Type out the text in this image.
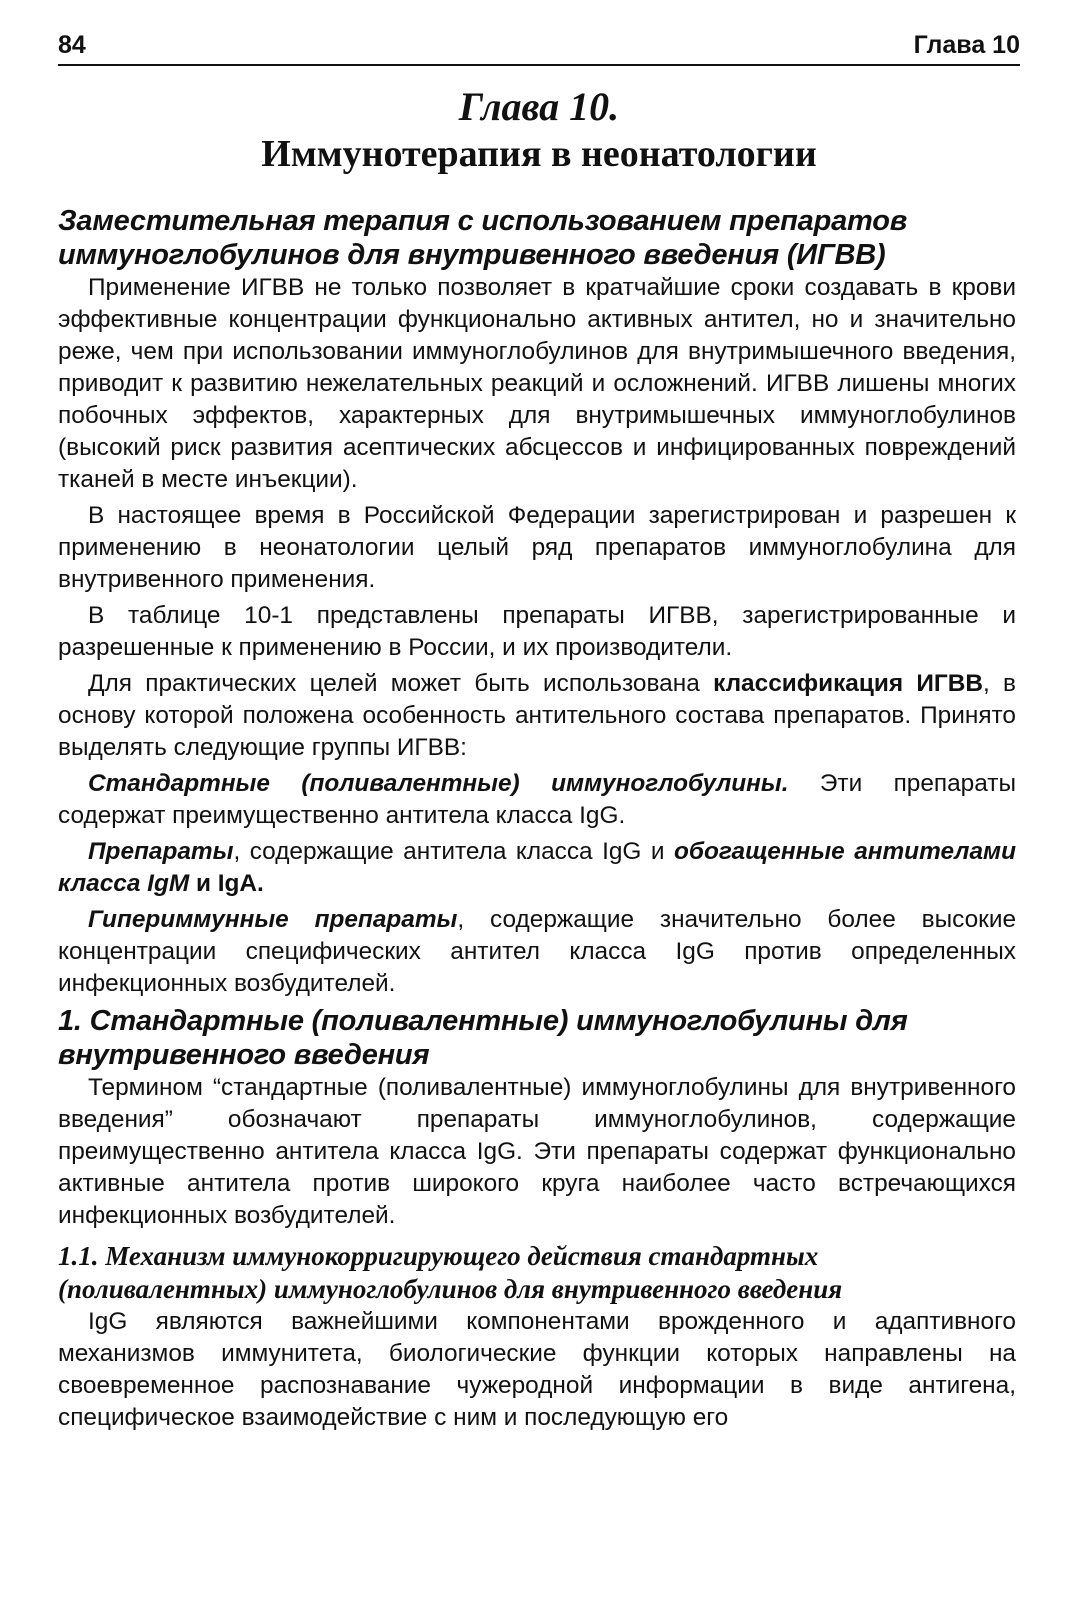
84	Глава 10
Глава 10.
Иммунотерапия в неонатологии
Заместительная терапия с использованием препаратов иммуноглобулинов для внутривенного введения (ИГВВ)

Применение ИГВВ не только позволяет в кратчайшие сроки создавать в крови эффективные концентрации функционально активных антител, но и значительно реже, чем при использовании иммуноглобулинов для внутримышечного введения, приводит к развитию нежелательных реакций и осложнений. ИГВВ лишены многих побочных эффектов, характерных для внутримышечных иммуноглобулинов (высокий риск развития асептических абсцессов и инфицированных повреждений тканей в месте инъекции).

В настоящее время в Российской Федерации зарегистрирован и разрешен к применению в неонатологии целый ряд препаратов иммуноглобулина для внутривенного применения.

В таблице 10-1 представлены препараты ИГВВ, зарегистрированные и разрешенные к применению в России, и их производители.

Для практических целей может быть использована классификация ИГВВ, в основу которой положена особенность антительного состава препаратов. Принято выделять следующие группы ИГВВ:

Стандартные (поливалентные) иммуноглобулины. Эти препараты содержат преимущественно антитела класса IgG.

Препараты, содержащие антитела класса IgG и обогащенные антителами класса IgM и IgA.

Гипериммунные препараты, содержащие значительно более высокие концентрации специфических антител класса IgG против определенных инфекционных возбудителей.

1. Стандартные (поливалентные) иммуноглобулины для внутривенного введения

Термином “стандартные (поливалентные) иммуноглобулины для внутривенного введения” обозначают препараты иммуноглобулинов, содержащие преимущественно антитела класса IgG. Эти препараты содержат функционально активные антитела против широкого круга наиболее часто встречающихся инфекционных возбудителей.

1.1. Механизм иммунокорригирующего действия стандартных (поливалентных) иммуноглобулинов для внутривенного введения

IgG являются важнейшими компонентами врожденного и адаптивного механизмов иммунитета, биологические функции которых направлены на своевременное распознавание чужеродной информации в виде антигена, специфическое взаимодействие с ним и последующую его
